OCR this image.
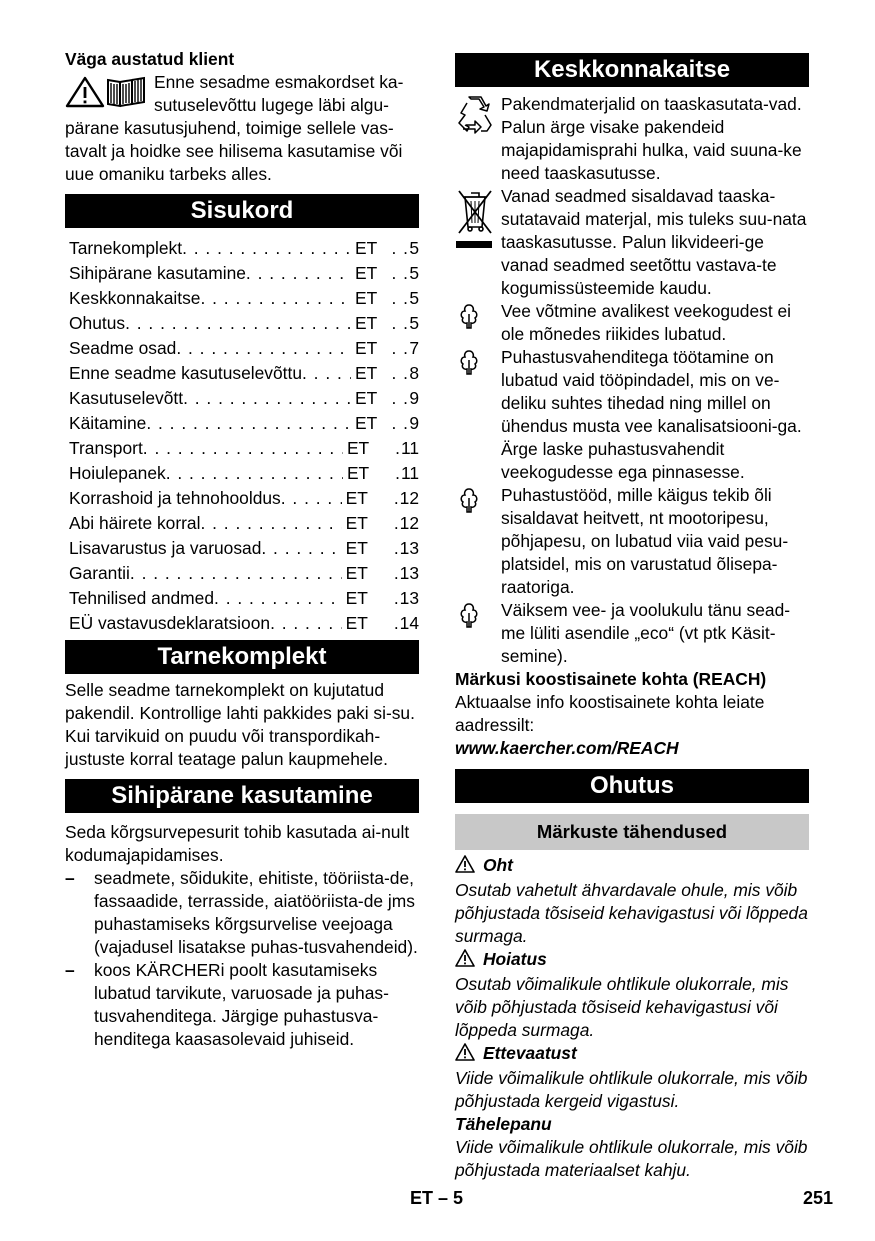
Väga austatud klient

Enne sesadme esmakordset ka-

sutuselevõttu lugege läbi algu-

pärane kasutusjuhend, toimige sellele vas-tavalt ja hoidke see hilisema kasutamise või uue omaniku tarbeks alles.

Sisukord
Tarnekomplekt . . .	ET . . 5
Sihipärane kasutamine . . .	ET . . 5
Keskkonnakaitse . . .	ET . . 5
Ohutus . . .	ET . . 5
Seadme osad . . .	ET . . 7
Enne seadme kasutuselevõttu . . .	ET . . 8
Kasutuselevõtt . . .	ET . . 9
Käitamine . . .	ET . . 9
Transport . . .	ET	. 11
Hoiulepanek . . .	ET	. 11
Korrashoid ja tehnohooldus . . .	ET	. 12
Abi häirete korral . . .	ET	. 12
Lisavarustus ja varuosad . . .	ET	. 13
Garantii . . .	ET	. 13
Tehnilised andmed . . .	ET	. 13
EÜ vastavusdeklaratsioon . . .	ET	. 14
Tarnekomplekt

Selle seadme tarnekomplekt on kujutatud pakendil. Kontrollige lahti pakkides paki si-su.

Kui tarvikuid on puudu või transpordikah-justuste korral teatage palun kaupmehele.

Sihipärane kasutamine

Seda kõrgsurvepesurit tohib kasutada ai-nult kodumajapidamises.

–	seadmete, sõidukite, ehitiste, tööriista-de, fassaadide, terrasside, aiatööriista-de jms puhastamiseks kõrgsurvelise veejoaga (vajadusel lisatakse puhas-tusvahendeid).
–	koos KÄRCHERi poolt kasutamiseks lubatud tarvikute, varuosade ja puhas-tusvahenditega. Järgige puhastusva-henditega kaasasolevaid juhiseid.
Keskkonnakaitse
Pakendmaterjalid on taaskasutata-vad. Palun ärge visake pakendeid majapidamisprahi hulka, vaid suuna-ke need taaskasutusse.
Vanad seadmed sisaldavad taaska-sutatavaid materjal, mis tuleks suu-nata taaskasutusse. Palun likvideeri-ge vanad seadmed seetõttu vastava-te kogumissüsteemide kaudu.
Vee võtmine avalikest veekogudest ei ole mõnedes riikides lubatud.
Puhastusvahenditega töötamine on lubatud vaid tööpindadel, mis on ve-deliku suhtes tihedad ning millel on ühendus musta vee kanalisatsiooni-ga. Ärge laske puhastusvahendit veekogudesse ega pinnasesse.
Puhastustööd, mille käigus tekib õli sisaldavat heitvett, nt mootoripesu, põhjapesu, on lubatud viia vaid pesu-platsidel, mis on varustatud õlisepa-raatoriga.
Väiksem vee- ja voolukulu tänu sead-me lüliti asendile „eco“ (vt ptk Käsit-semine).

Märkusi koostisainete kohta (REACH)

Aktuaalse info koostisainete kohta leiate aadressilt:

www.kaercher.com/REACH

Ohutus
Märkuste tähendused

Oht

Osutab vahetult ähvardavale ohule, mis võib põhjustada tõsiseid kehavigastusi või lõppeda surmaga.

Hoiatus

Osutab võimalikule ohtlikule olukorrale, mis võib põhjustada tõsiseid kehavigastusi või lõppeda surmaga.

Ettevaatust

Viide võimalikule ohtlikule olukorrale, mis võib põhjustada kergeid vigastusi.

Tähelepanu

Viide võimalikule ohtlikule olukorrale, mis võib põhjustada materiaalset kahju.

ET – 5	251
